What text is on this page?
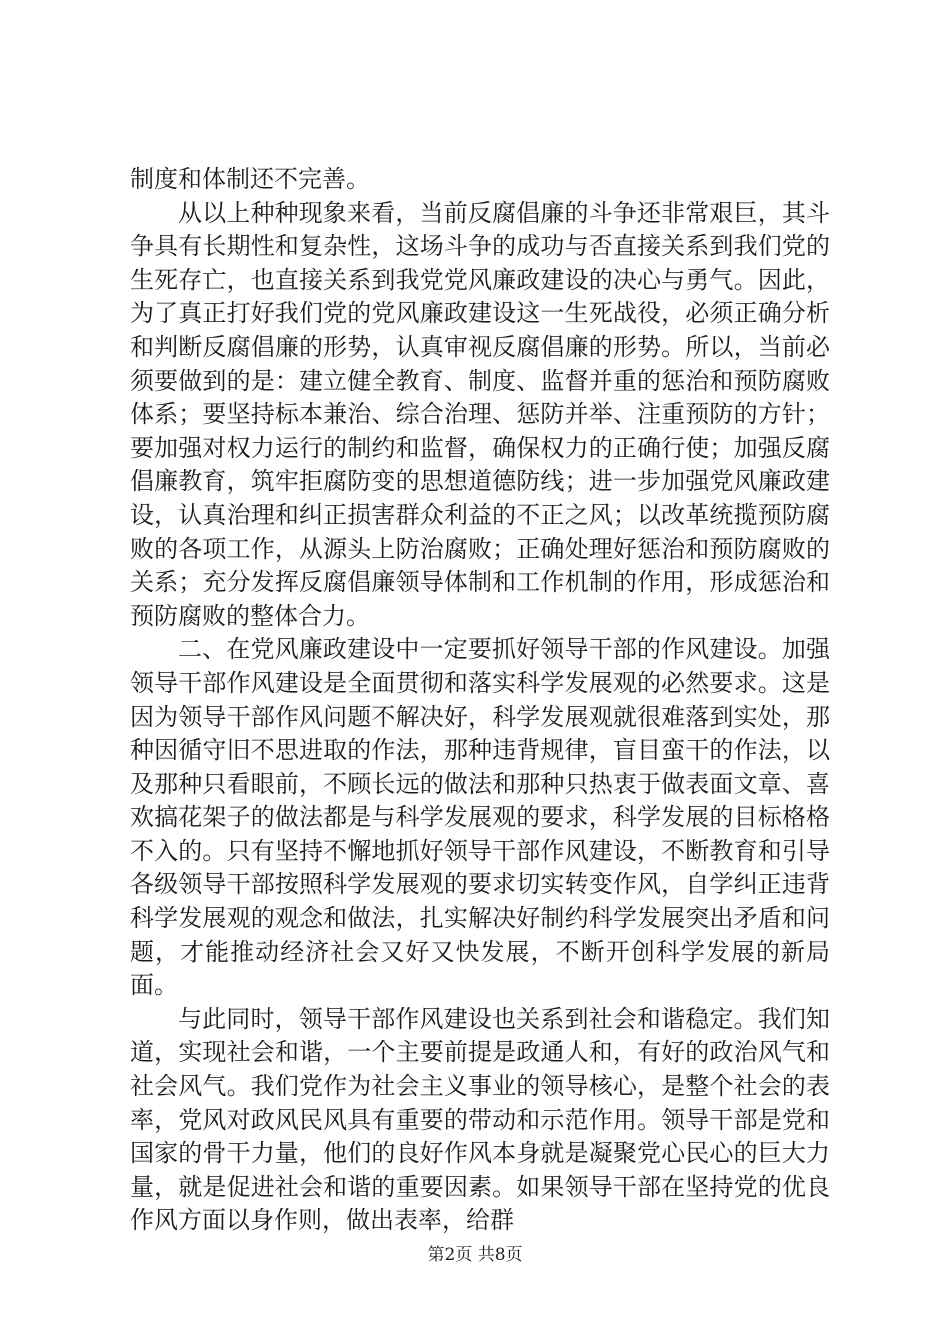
制度和体制还不完善。

从以上种种现象来看，当前反腐倡廉的斗争还非常艰巨，其斗争具有长期性和复杂性，这场斗争的成功与否直接关系到我们党的生死存亡，也直接关系到我党党风廉政建设的决心与勇气。因此，为了真正打好我们党的党风廉政建设这一生死战役，必须正确分析和判断反腐倡廉的形势，认真审视反腐倡廉的形势。所以，当前必须要做到的是：建立健全教育、制度、监督并重的惩治和预防腐败体系；要坚持标本兼治、综合治理、惩防并举、注重预防的方针；要加强对权力运行的制约和监督，确保权力的正确行使；加强反腐倡廉教育，筑牢拒腐防变的思想道德防线；进一步加强党风廉政建设，认真治理和纠正损害群众利益的不正之风；以改革统揽预防腐败的各项工作，从源头上防治腐败；正确处理好惩治和预防腐败的关系；充分发挥反腐倡廉领导体制和工作机制的作用，形成惩治和预防腐败的整体合力。

二、在党风廉政建设中一定要抓好领导干部的作风建设。加强领导干部作风建设是全面贯彻和落实科学发展观的必然要求。这是因为领导干部作风问题不解决好，科学发展观就很难落到实处，那种因循守旧不思进取的作法，那种违背规律，盲目蛮干的作法，以及那种只看眼前，不顾长远的做法和那种只热衷于做表面文章、喜欢搞花架子的做法都是与科学发展观的要求，科学发展的目标格格不入的。只有坚持不懈地抓好领导干部作风建设，不断教育和引导各级领导干部按照科学发展观的要求切实转变作风，自学纠正违背科学发展观的观念和做法，扎实解决好制约科学发展突出矛盾和问题，才能推动经济社会又好又快发展，不断开创科学发展的新局面。

与此同时，领导干部作风建设也关系到社会和谐稳定。我们知道，实现社会和谐，一个主要前提是政通人和，有好的政治风气和社会风气。我们党作为社会主义事业的领导核心，是整个社会的表率，党风对政风民风具有重要的带动和示范作用。领导干部是党和国家的骨干力量，他们的良好作风本身就是凝聚党心民心的巨大力量，就是促进社会和谐的重要因素。如果领导干部在坚持党的优良作风方面以身作则，做出表率，给群

第2页 共8页
